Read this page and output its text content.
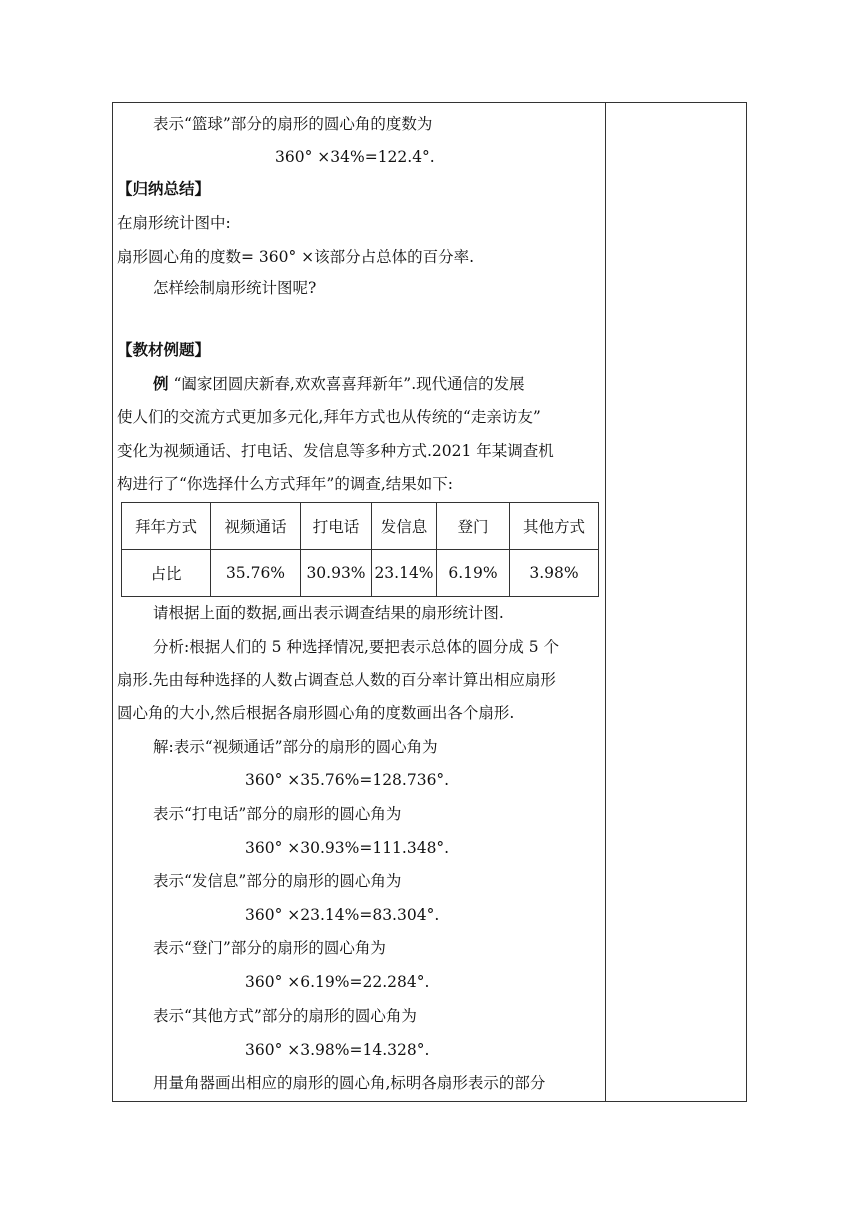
表示“篮球”部分的扇形的圆心角的度数为
360° ×34%=122.4°.
【归纳总结】
在扇形统计图中:
扇形圆心角的度数= 360° ×该部分占总体的百分率.
怎样绘制扇形统计图呢?
【教材例题】
例 “阖家团圆庆新春,欢欢喜喜拜新年”.现代通信的发展
使人们的交流方式更加多元化,拜年方式也从传统的“走亲访友”
变化为视频通话、打电话、发信息等多种方式.2021 年某调查机
构进行了“你选择什么方式拜年”的调查,结果如下:
拜年方式	视频通话	打电话	发信息	登门	其他方式
占比	35.76%	30.93%	23.14%	6.19%	3.98%
请根据上面的数据,画出表示调查结果的扇形统计图.
分析:根据人们的 5 种选择情况,要把表示总体的圆分成 5 个
扇形.先由每种选择的人数占调查总人数的百分率计算出相应扇形
圆心角的大小,然后根据各扇形圆心角的度数画出各个扇形.
解:表示“视频通话”部分的扇形的圆心角为
360° ×35.76%=128.736°.
表示“打电话”部分的扇形的圆心角为
360° ×30.93%=111.348°.
表示“发信息”部分的扇形的圆心角为
360° ×23.14%=83.304°.
表示“登门”部分的扇形的圆心角为
360° ×6.19%=22.284°.
表示“其他方式”部分的扇形的圆心角为
360° ×3.98%=14.328°.
用量角器画出相应的扇形的圆心角,标明各扇形表示的部分
